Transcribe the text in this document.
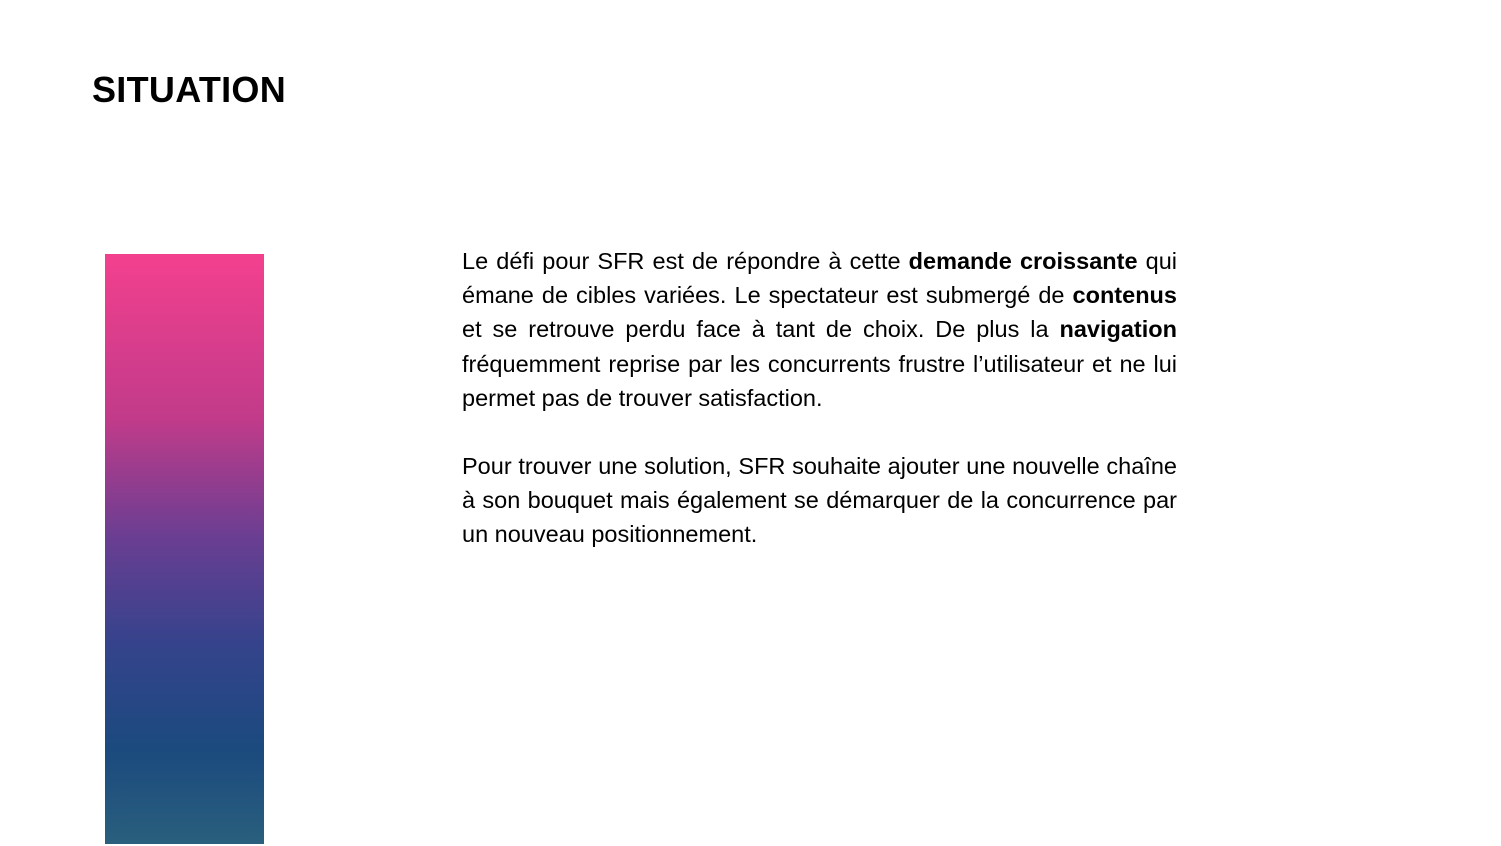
SITUATION

Le défi pour SFR est de répondre à cette demande croissante qui émane de cibles variées. Le spectateur est submergé de contenus et se retrouve perdu face à tant de choix. De plus la navigation fréquemment reprise par les concurrents frustre l’utilisateur et ne lui permet pas de trouver satisfaction.

Pour trouver une solution, SFR souhaite ajouter une nouvelle chaîne à son bouquet mais également se démarquer de la concurrence par un nouveau positionnement.
